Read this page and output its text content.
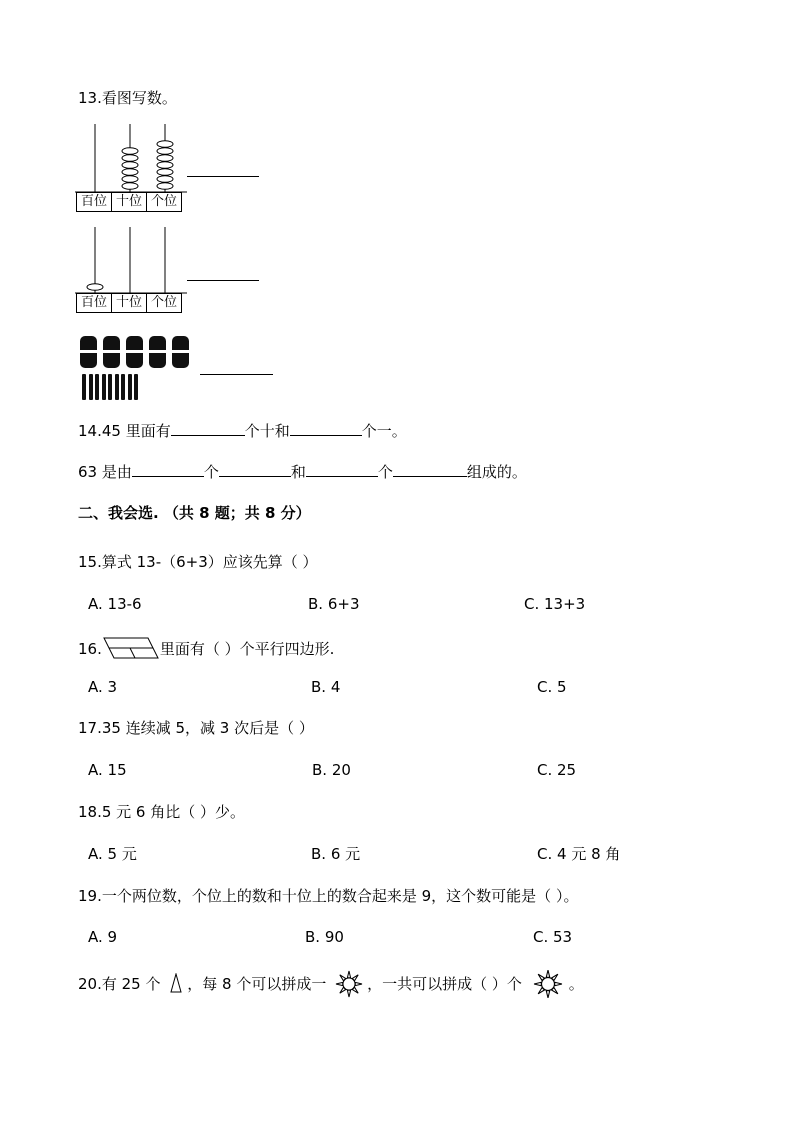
13.看图写数。
百位 十位 个位
百位 十位 个位
14.45 里面有	个十和	个一。
63 是由	个	和	个	组成的。
二、我会选. （共 8 题；共 8 分）
15.算式 13-（6+3）应该先算（ ）
A. 13-6	B. 6+3	C. 13+3
16.	里面有（ ）个平行四边形.
A. 3	B. 4	C. 5
17.35 连续减 5，减 3 次后是（ ）
A. 15	B. 20	C. 25
18.5 元 6 角比（ ）少。
A. 5 元	B. 6 元	C. 4 元 8 角
19.一个两位数，个位上的数和十位上的数合起来是 9，这个数可能是（ ）。
A. 9	B. 90	C. 53
20.有 25 个 ，每 8 个可以拼成一	，一共可以拼成（ ）个	。
